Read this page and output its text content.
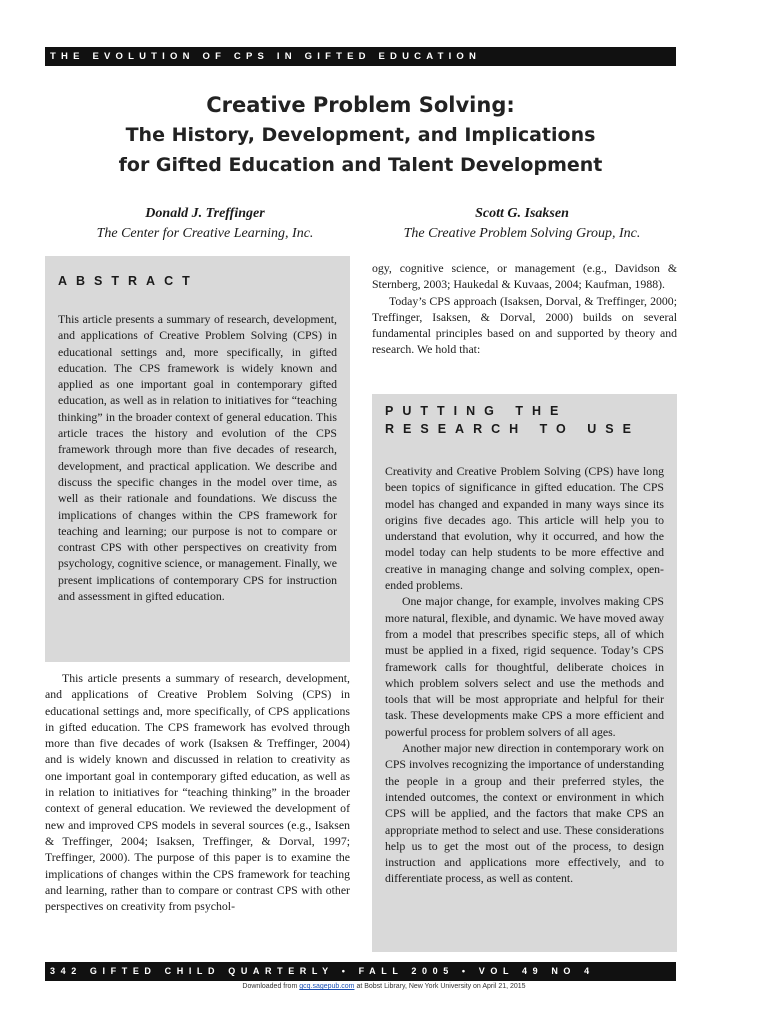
THE EVOLUTION OF CPS IN GIFTED EDUCATION
Creative Problem Solving:
The History, Development, and Implications
for Gifted Education and Talent Development
Donald J. Treffinger
The Center for Creative Learning, Inc.
Scott G. Isaksen
The Creative Problem Solving Group, Inc.
ABSTRACT

This article presents a summary of research, development, and applications of Creative Problem Solving (CPS) in educational settings and, more specifically, in gifted education. The CPS framework is widely known and applied as one important goal in contemporary gifted education, as well as in relation to initiatives for “teaching thinking” in the broader context of general education. This article traces the history and evolution of the CPS framework through more than five decades of research, development, and practical application. We describe and discuss the specific changes in the model over time, as well as their rationale and foundations. We discuss the implications of changes within the CPS framework for teaching and learning; our purpose is not to compare or contrast CPS with other perspectives on creativity from psychology, cognitive science, or management. Finally, we present implications of contemporary CPS for instruction and assessment in gifted education.

This article presents a summary of research, development, and applications of Creative Problem Solving (CPS) in educational settings and, more specifically, of CPS applications in gifted education. The CPS framework has evolved through more than five decades of work (Isaksen & Treffinger, 2004) and is widely known and discussed in relation to creativity as one important goal in contemporary gifted education, as well as in relation to initiatives for “teaching thinking” in the broader context of general education. We reviewed the development of new and improved CPS models in several sources (e.g., Isaksen & Treffinger, 2004; Isaksen, Treffinger, & Dorval, 1997; Treffinger, 2000). The purpose of this paper is to examine the implications of changes within the CPS framework for teaching and learning, rather than to compare or contrast CPS with other perspectives on creativity from psychol-

ogy, cognitive science, or management (e.g., Davidson & Sternberg, 2003; Haukedal & Kuvaas, 2004; Kaufman, 1988).

Today’s CPS approach (Isaksen, Dorval, & Treffinger, 2000; Treffinger, Isaksen, & Dorval, 2000) builds on several fundamental principles based on and supported by theory and research. We hold that:

PUTTING THE
RESEARCH TO USE

Creativity and Creative Problem Solving (CPS) have long been topics of significance in gifted education. The CPS model has changed and expanded in many ways since its origins five decades ago. This article will help you to understand that evolution, why it occurred, and how the model today can help students to be more effective and creative in managing change and solving complex, open-ended problems.

One major change, for example, involves making CPS more natural, flexible, and dynamic. We have moved away from a model that prescribes specific steps, all of which must be applied in a fixed, rigid sequence. Today’s CPS framework calls for thoughtful, deliberate choices in which problem solvers select and use the methods and tools that will be most appropriate and helpful for their task. These developments make CPS a more efficient and powerful process for problem solvers of all ages.

Another major new direction in contemporary work on CPS involves recognizing the importance of understanding the people in a group and their preferred styles, the intended outcomes, the context or environment in which CPS will be applied, and the factors that make CPS an appropriate method to select and use. These considerations help us to get the most out of the process, to design instruction and applications more effectively, and to differentiate process, as well as content.

342 GIFTED CHILD QUARTERLY • FALL 2005 • VOL 49 NO 4
Downloaded from gcq.sagepub.com at Bobst Library, New York University on April 21, 2015
